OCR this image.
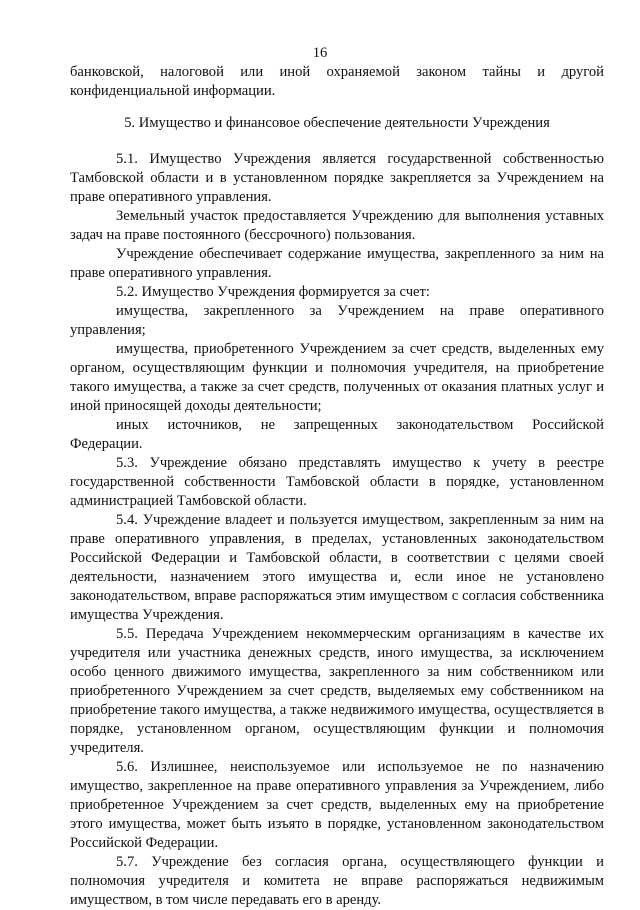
16

банковской, налоговой или иной охраняемой законом тайны и другой конфиденциальной информации.

5. Имущество и финансовое обеспечение деятельности Учреждения

5.1. Имущество Учреждения является государственной собственностью Тамбовской области и в установленном порядке закрепляется за Учреждением на праве оперативного управления.

Земельный участок предоставляется Учреждению для выполнения уставных задач на праве постоянного (бессрочного) пользования.

Учреждение обеспечивает содержание имущества, закрепленного за ним на праве оперативного управления.

5.2. Имущество Учреждения формируется за счет:

имущества, закрепленного за Учреждением на праве оперативного управления;

имущества, приобретенного Учреждением за счет средств, выделенных ему органом, осуществляющим функции и полномочия учредителя, на приобретение такого имущества, а также за счет средств, полученных от оказания платных услуг и иной приносящей доходы деятельности;

иных источников, не запрещенных законодательством Российской Федерации.

5.3. Учреждение обязано представлять имущество к учету в реестре государственной собственности Тамбовской области в порядке, установленном администрацией Тамбовской области.

5.4. Учреждение владеет и пользуется имуществом, закрепленным за ним на праве оперативного управления, в пределах, установленных законодательством Российской Федерации и Тамбовской области, в соответствии с целями своей деятельности, назначением этого имущества и, если иное не установлено законодательством, вправе распоряжаться этим имуществом с согласия собственника имущества Учреждения.

5.5. Передача Учреждением некоммерческим организациям в качестве их учредителя или участника денежных средств, иного имущества, за исключением особо ценного движимого имущества, закрепленного за ним собственником или приобретенного Учреждением за счет средств, выделяемых ему собственником на приобретение такого имущества, а также недвижимого имущества, осуществляется в порядке, установленном органом, осуществляющим функции и полномочия учредителя.

5.6. Излишнее, неиспользуемое или используемое не по назначению имущество, закрепленное на праве оперативного управления за Учреждением, либо приобретенное Учреждением за счет средств, выделенных ему на приобретение этого имущества, может быть изъято в порядке, установленном законодательством Российской Федерации.

5.7. Учреждение без согласия органа, осуществляющего функции и полномочия учредителя и комитета не вправе распоряжаться недвижимым имуществом, в том числе передавать его в аренду.
